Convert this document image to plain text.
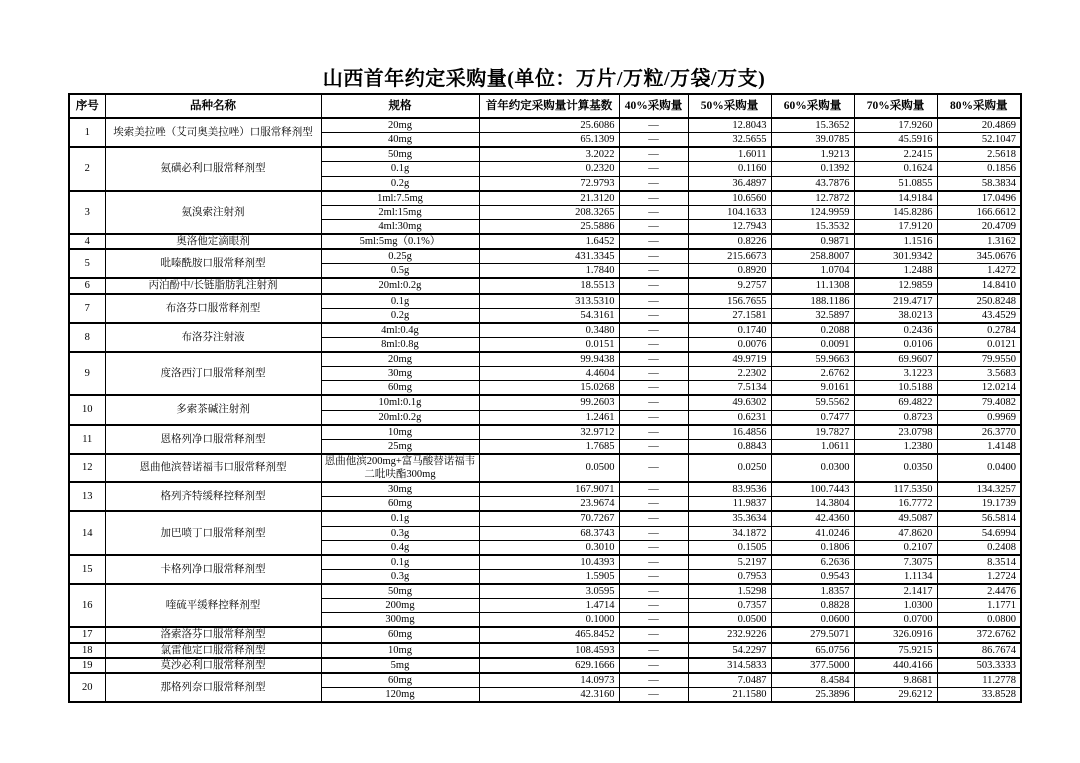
山西首年约定采购量(单位：万片/万粒/万袋/万支)
序号	品种名称	规格	首年约定采购量计算基数	40%采购量	50%采购量	60%采购量	70%采购量	80%采购量
1	埃索美拉唑（艾司奥美拉唑）口服常释剂型	20mg	25.6086	—	12.8043	15.3652	17.9260	20.4869
		40mg	65.1309	—	32.5655	39.0785	45.5916	52.1047
2	氨磺必利口服常释剂型	50mg	3.2022	—	1.6011	1.9213	2.2415	2.5618
		0.1g	0.2320	—	0.1160	0.1392	0.1624	0.1856
		0.2g	72.9793	—	36.4897	43.7876	51.0855	58.3834
3	氨溴索注射剂	1ml:7.5mg	21.3120	—	10.6560	12.7872	14.9184	17.0496
		2ml:15mg	208.3265	—	104.1633	124.9959	145.8286	166.6612
		4ml:30mg	25.5886	—	12.7943	15.3532	17.9120	20.4709
4	奥洛他定滴眼剂	5ml:5mg（0.1%）	1.6452	—	0.8226	0.9871	1.1516	1.3162
5	吡嗪酰胺口服常释剂型	0.25g	431.3345	—	215.6673	258.8007	301.9342	345.0676
		0.5g	1.7840	—	0.8920	1.0704	1.2488	1.4272
6	丙泊酚中/长链脂肪乳注射剂	20ml:0.2g	18.5513	—	9.2757	11.1308	12.9859	14.8410
7	布洛芬口服常释剂型	0.1g	313.5310	—	156.7655	188.1186	219.4717	250.8248
		0.2g	54.3161	—	27.1581	32.5897	38.0213	43.4529
8	布洛芬注射液	4ml:0.4g	0.3480	—	0.1740	0.2088	0.2436	0.2784
		8ml:0.8g	0.0151	—	0.0076	0.0091	0.0106	0.0121
9	度洛西汀口服常释剂型	20mg	99.9438	—	49.9719	59.9663	69.9607	79.9550
		30mg	4.4604	—	2.2302	2.6762	3.1223	3.5683
		60mg	15.0268	—	7.5134	9.0161	10.5188	12.0214
10	多索茶碱注射剂	10ml:0.1g	99.2603	—	49.6302	59.5562	69.4822	79.4082
		20ml:0.2g	1.2461	—	0.6231	0.7477	0.8723	0.9969
11	恩格列净口服常释剂型	10mg	32.9712	—	16.4856	19.7827	23.0798	26.3770
		25mg	1.7685	—	0.8843	1.0611	1.2380	1.4148
12	恩曲他滨替诺福韦口服常释剂型	恩曲他滨200mg+富马酸替诺福韦二吡呋酯300mg	0.0500	—	0.0250	0.0300	0.0350	0.0400
13	格列齐特缓释控释剂型	30mg	167.9071	—	83.9536	100.7443	117.5350	134.3257
		60mg	23.9674	—	11.9837	14.3804	16.7772	19.1739
14	加巴喷丁口服常释剂型	0.1g	70.7267	—	35.3634	42.4360	49.5087	56.5814
		0.3g	68.3743	—	34.1872	41.0246	47.8620	54.6994
		0.4g	0.3010	—	0.1505	0.1806	0.2107	0.2408
15	卡格列净口服常释剂型	0.1g	10.4393	—	5.2197	6.2636	7.3075	8.3514
		0.3g	1.5905	—	0.7953	0.9543	1.1134	1.2724
16	喹硫平缓释控释剂型	50mg	3.0595	—	1.5298	1.8357	2.1417	2.4476
		200mg	1.4714	—	0.7357	0.8828	1.0300	1.1771
		300mg	0.1000	—	0.0500	0.0600	0.0700	0.0800
17	洛索洛芬口服常释剂型	60mg	465.8452	—	232.9226	279.5071	326.0916	372.6762
18	氯雷他定口服常释剂型	10mg	108.4593	—	54.2297	65.0756	75.9215	86.7674
19	莫沙必利口服常释剂型	5mg	629.1666	—	314.5833	377.5000	440.4166	503.3333
20	那格列奈口服常释剂型	60mg	14.0973	—	7.0487	8.4584	9.8681	11.2778
		120mg	42.3160	—	21.1580	25.3896	29.6212	33.8528
